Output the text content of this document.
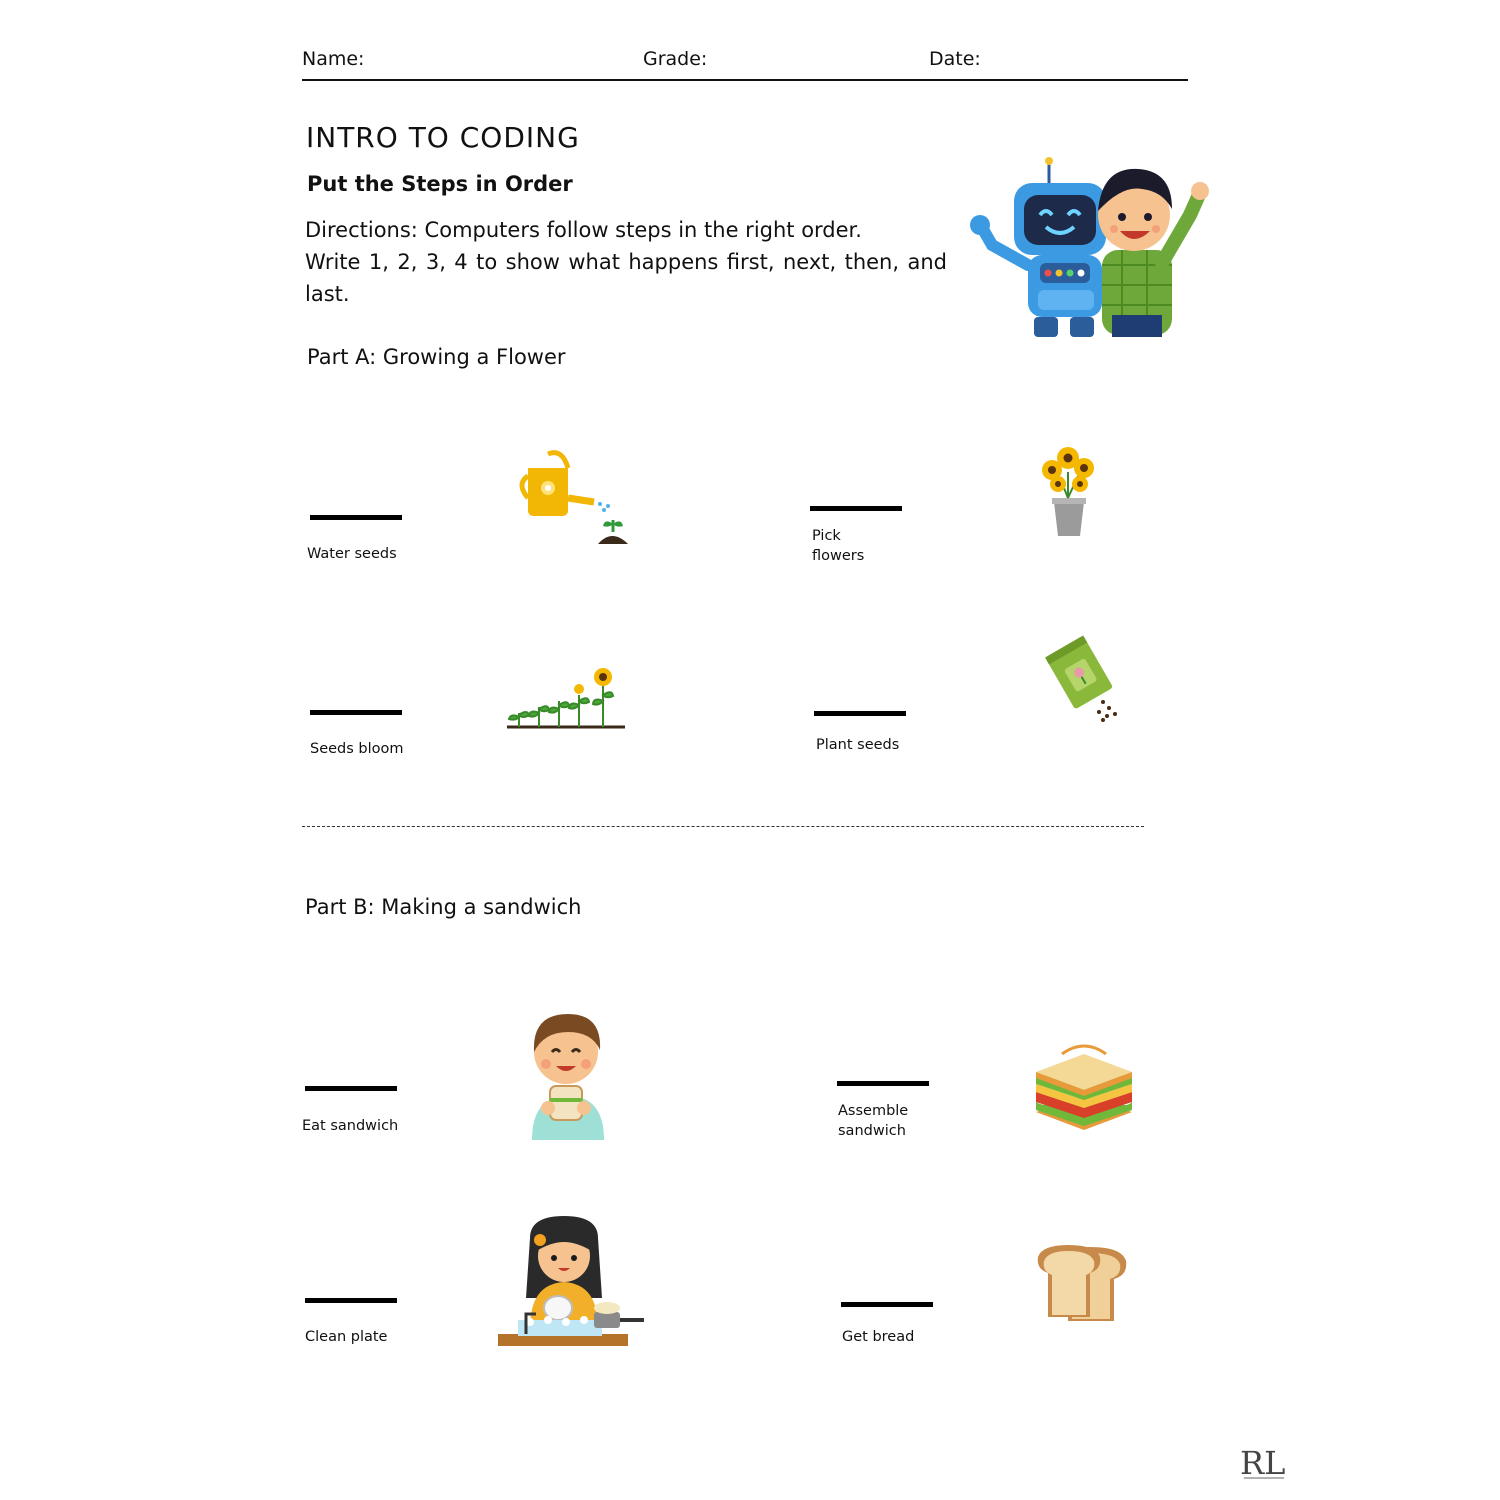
Name:	Grade:	Date:
INTRO TO CODING
Put the Steps in Order
Directions: Computers follow steps in the right order.
Write 1, 2, 3, 4 to show what happens first, next, then, and
last.
Part A: Growing a Flower
Water seeds
Pick
flowers
Seeds bloom	Plant seeds
Part B: Making a sandwich
Eat sandwich
Assemble
sandwich
Clean plate	Get bread
RL
